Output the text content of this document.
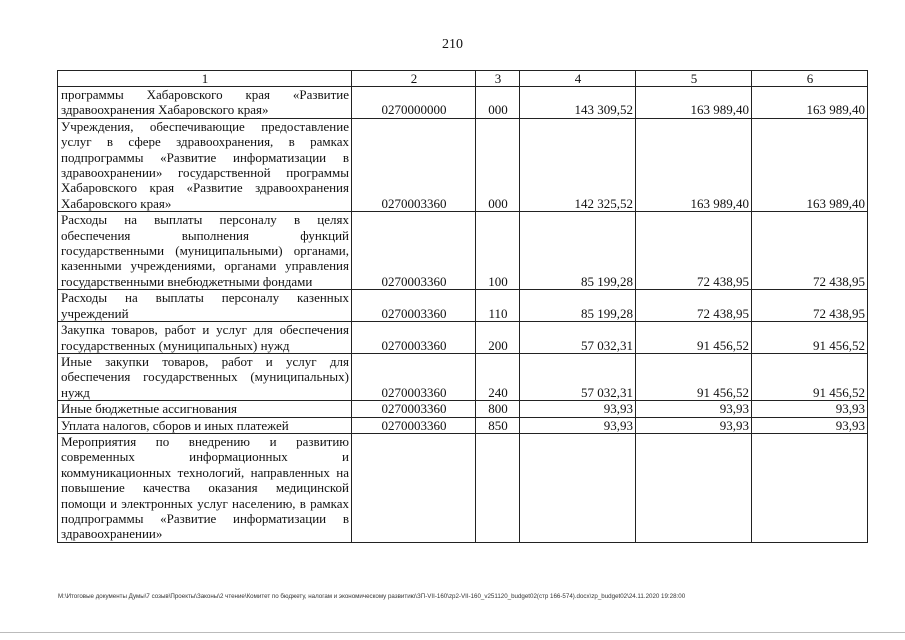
210
1	2	3	4	5	6
программы Хабаровского края «Развитие здравоохранения Хабаровского края»	0270000000	000	143 309,52	163 989,40	163 989,40
Учреждения, обеспечивающие предоставление услуг в сфере здравоохранения, в рамках подпрограммы «Развитие информатизации в здравоохранении» государственной программы Хабаровского края «Развитие здравоохранения Хабаровского края»	0270003360	000	142 325,52	163 989,40	163 989,40
Расходы на выплаты персоналу в целях обеспечения выполнения функций государственными (муниципальными) органами, казенными учреждениями, органами управления государственными внебюджетными фондами	0270003360	100	85 199,28	72 438,95	72 438,95
Расходы на выплаты персоналу казенных учреждений	0270003360	110	85 199,28	72 438,95	72 438,95
Закупка товаров, работ и услуг для обеспечения государственных (муниципальных) нужд	0270003360	200	57 032,31	91 456,52	91 456,52
Иные закупки товаров, работ и услуг для обеспечения государственных (муниципальных) нужд	0270003360	240	57 032,31	91 456,52	91 456,52
Иные бюджетные ассигнования	0270003360	800	93,93	93,93	93,93
Уплата налогов, сборов и иных платежей	0270003360	850	93,93	93,93	93,93
Мероприятия по внедрению и развитию современных информационных и коммуникационных технологий, направленных на повышение качества оказания медицинской помощи и электронных услуг населению, в рамках подпрограммы «Развитие информатизации в здравоохранении»					
M:\Итоговые документы Думы\7 созыв\Проекты\Законы\2 чтение\Комитет по бюджету, налогам и экономическому развитию\ЗП-VII-160\zp2-VII-160_v251120_budget02(стр 166-574).docx\zp_budget02\24.11.2020 19:28:00
